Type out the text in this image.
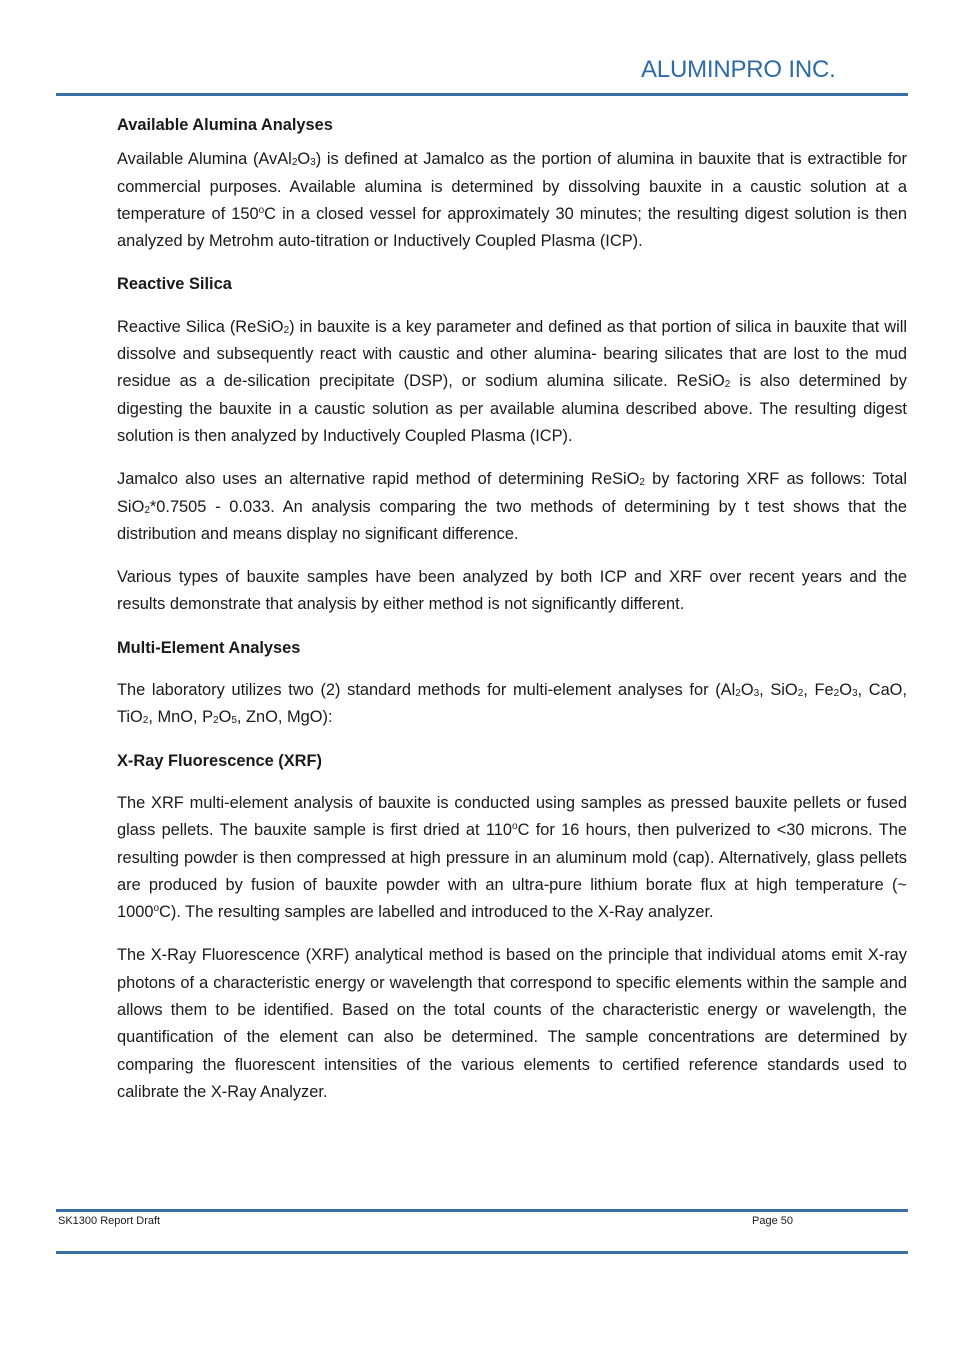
ALUMINPRO INC.
Available Alumina Analyses

Available Alumina $(AvAl_2O_3)$ is defined at Jamalco as the portion of alumina in bauxite that is extractible for commercial purposes. Available alumina is determined by dissolving bauxite in a caustic solution at a temperature of 150$^o$C in a closed vessel for approximately 30 minutes; the resulting digest solution is then analyzed by Metrohm auto-titration or Inductively Coupled Plasma (ICP).

Reactive Silica

Reactive Silica (ReSiO$_2$) in bauxite is a key parameter and defined as that portion of silica in bauxite that will dissolve and subsequently react with caustic and other alumina- bearing silicates that are lost to the mud residue as a de-silication precipitate (DSP), or sodium alumina silicate. ReSiO$_2$ is also determined by digesting the bauxite in a caustic solution as per available alumina described above. The resulting digest solution is then analyzed by Inductively Coupled Plasma (ICP).

Jamalco also uses an alternative rapid method of determining ReSiO$_2$ by factoring XRF as follows: Total SiO$_2$*0.7505 - 0.033. An analysis comparing the two methods of determining by t test shows that the distribution and means display no significant difference.

Various types of bauxite samples have been analyzed by both ICP and XRF over recent years and the results demonstrate that analysis by either method is not significantly different.

Multi-Element Analyses

The laboratory utilizes two (2) standard methods for multi-element analyses for ($Al_2O_3$, SiO$_2$, $Fe_2O_3$, CaO, TiO$_2$, MnO, $P_2O_5$, ZnO, MgO):

X-Ray Fluorescence (XRF)

The XRF multi-element analysis of bauxite is conducted using samples as pressed bauxite pellets or fused glass pellets. The bauxite sample is first dried at 110$^o$C for 16 hours, then pulverized to <30 microns. The resulting powder is then compressed at high pressure in an aluminum mold (cap). Alternatively, glass pellets are produced by fusion of bauxite powder with an ultra-pure lithium borate flux at high temperature (~ 1000$^o$C). The resulting samples are labelled and introduced to the X-Ray analyzer.

The X-Ray Fluorescence (XRF) analytical method is based on the principle that individual atoms emit X-ray photons of a characteristic energy or wavelength that correspond to specific elements within the sample and allows them to be identified. Based on the total counts of the characteristic energy or wavelength, the quantification of the element can also be determined. The sample concentrations are determined by comparing the fluorescent intensities of the various elements to certified reference standards used to calibrate the X-Ray Analyzer.

SK1300 Report Draft	Page 50
